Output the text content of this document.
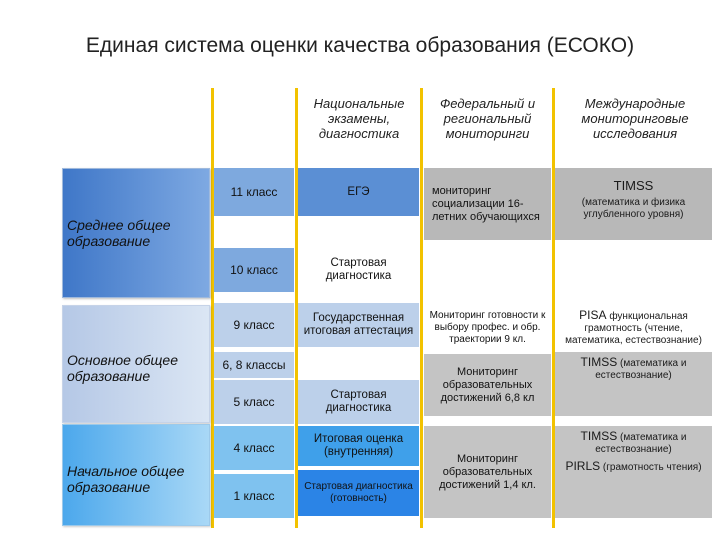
Единая система оценки качества образования (ЕСОКО)
Национальные экзамены, диагностика
Федеральный и региональный мониторинги
Международные мониторинговые исследования
Среднее общее образование
Основное общее образование
Начальное общее образование
11 класс
10 класс
9 класс
6, 8 классы
5 класс
4 класс
1 класс
ЕГЭ
Стартовая диагностика
Государственная итоговая аттестация
Стартовая диагностика
Итоговая оценка (внутренняя)
Стартовая диагностика (готовность)
мониторинг социализации 16-летних обучающихся
Мониторинг готовности к выбору профес. и обр. траектории 9 кл.
Мониторинг образовательных достижений 6,8 кл
Мониторинг образовательных достижений 1,4 кл.
TIMSS
(математика и физика углубленного уровня)
PISA функциональная грамотность (чтение, математика, естествознание)
TIMSS (математика и естествознание)
TIMSS (математика и естествознание)
PIRLS (грамотность чтения)
